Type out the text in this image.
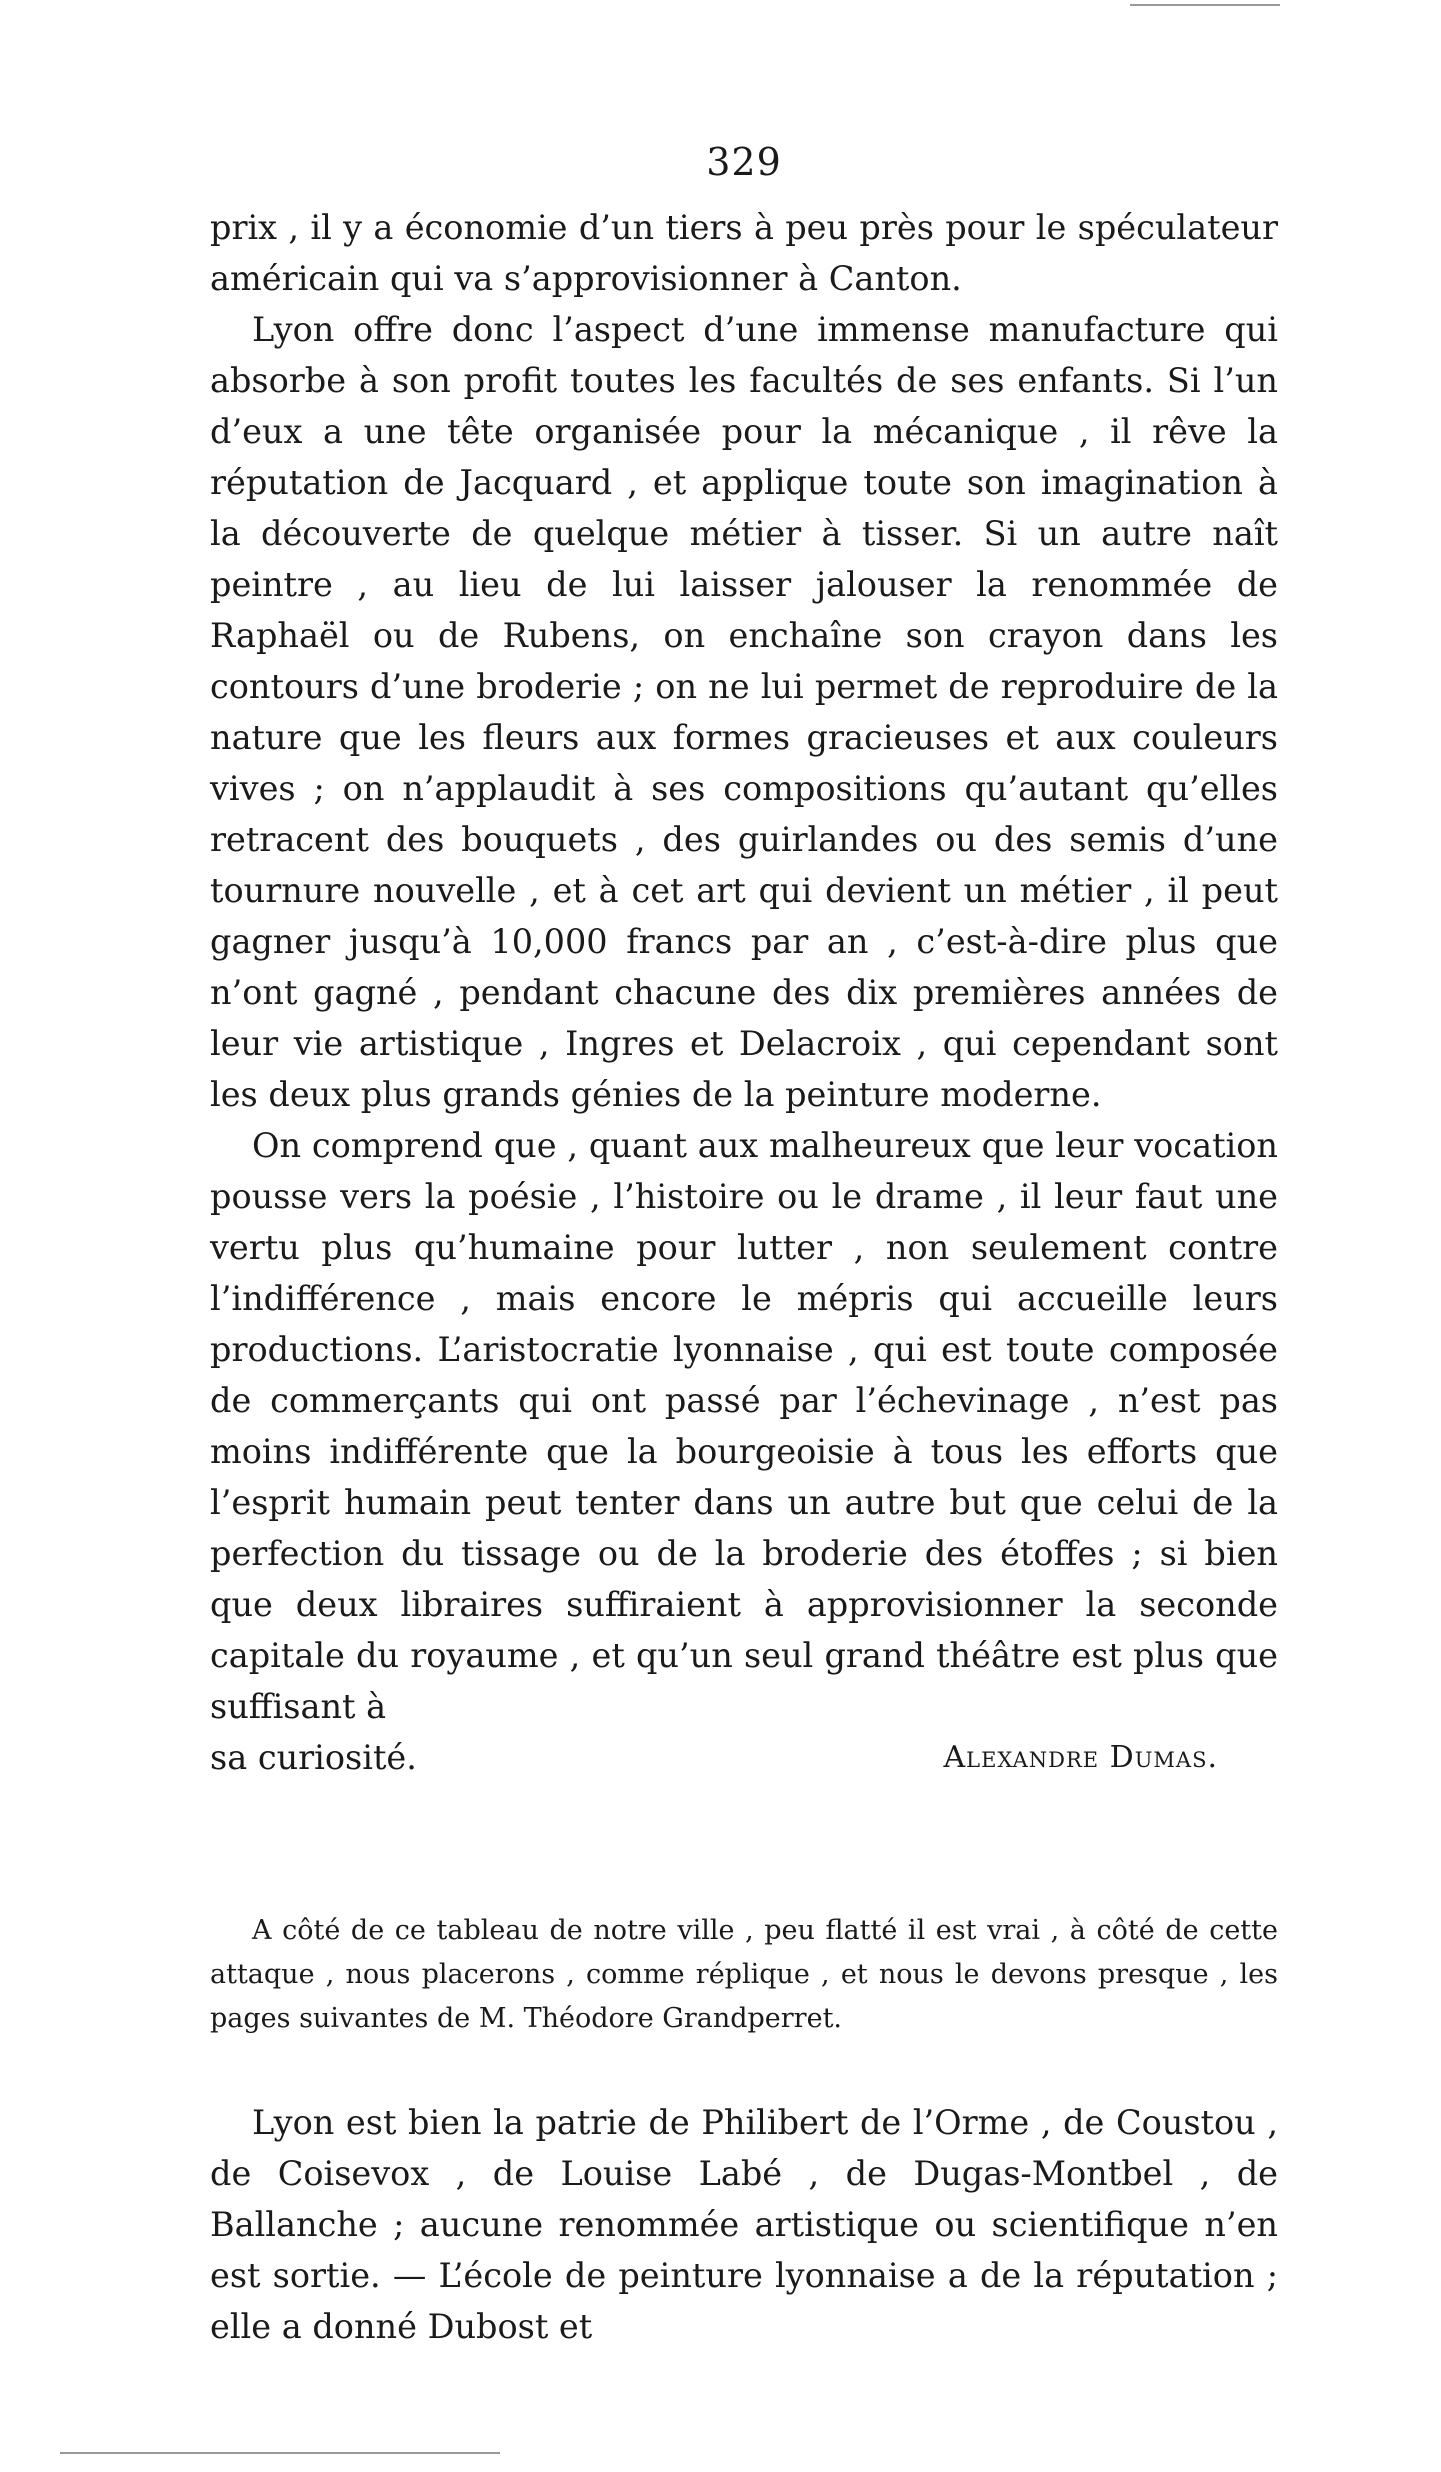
329

prix , il y a économie d’un tiers à peu près pour le spéculateur américain qui va s’approvisionner à Canton.

Lyon offre donc l’aspect d’une immense manufacture qui absorbe à son profit toutes les facultés de ses enfants. Si l’un d’eux a une tête organisée pour la mécanique , il rêve la réputation de Jacquard , et applique toute son imagination à la découverte de quelque métier à tisser. Si un autre naît peintre , au lieu de lui laisser jalouser la renommée de Raphaël ou de Rubens, on enchaîne son crayon dans les contours d’une broderie ; on ne lui permet de reproduire de la nature que les fleurs aux formes gracieuses et aux couleurs vives ; on n’applaudit à ses compositions qu’autant qu’elles retracent des bouquets , des guirlandes ou des semis d’une tournure nouvelle , et à cet art qui devient un métier , il peut gagner jusqu’à 10,000 francs par an , c’est-à-dire plus que n’ont gagné , pendant chacune des dix premières années de leur vie artistique , Ingres et Delacroix , qui cependant sont les deux plus grands génies de la peinture moderne.

On comprend que , quant aux malheureux que leur vocation pousse vers la poésie , l’histoire ou le drame , il leur faut une vertu plus qu’humaine pour lutter , non seulement contre l’indifférence , mais encore le mépris qui accueille leurs productions. L’aristocratie lyonnaise , qui est toute composée de commerçants qui ont passé par l’échevinage , n’est pas moins indifférente que la bourgeoisie à tous les efforts que l’esprit humain peut tenter dans un autre but que celui de la perfection du tissage ou de la broderie des étoffes ; si bien que deux libraires suffiraient à approvisionner la seconde capitale du royaume , et qu’un seul grand théâtre est plus que suffisant à

sa curiosité.	Alexandre Dumas.

A côté de ce tableau de notre ville , peu flatté il est vrai , à côté de cette attaque , nous placerons , comme réplique , et nous le devons presque , les pages suivantes de M. Théodore Grandperret.

Lyon est bien la patrie de Philibert de l’Orme , de Coustou , de Coisevox , de Louise Labé , de Dugas-Montbel , de Ballanche ; aucune renommée artistique ou scientifique n’en est sortie. — L’école de peinture lyonnaise a de la réputation ; elle a donné Dubost et
